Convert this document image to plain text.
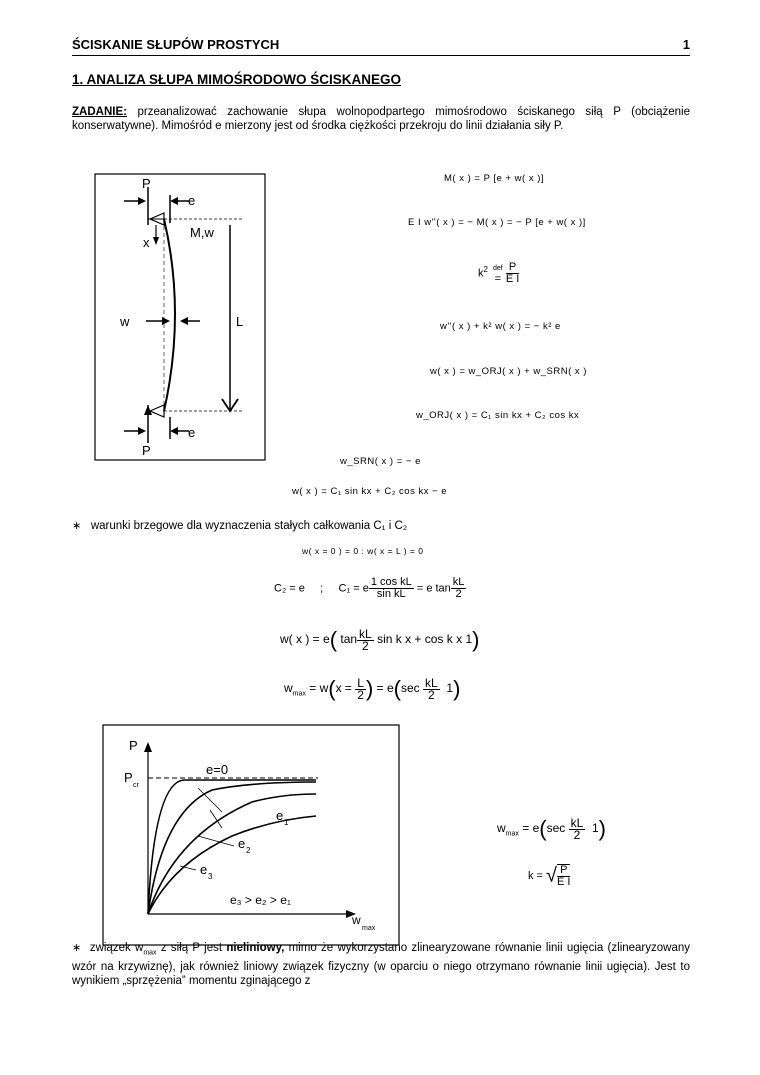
ŚCISKANIE SŁUPÓW PROSTYCH	1
1. ANALIZA SŁUPA MIMOŚRODOWO ŚCISKANEGO
ZADANIE: przeanalizować zachowanie słupa wolnopodpartego mimośrodowo ściskanego siłą P (obciążenie konserwatywne). Mimośród e mierzony jest od środka ciężkości przekroju do linii działania siły P.
P
e
x
M,w
w	L
P
e
M( x ) = P [e + w( x )]
E I w''( x ) = − M( x ) = − P [e + w( x )]
$k^2$ def
=
$\frac{P}{\text{E I}}$
w''( x ) + k² w( x ) = − k² e
w( x ) = w_ORJ( x ) + w_SRN( x )
w_ORJ( x ) = C₁ sin kx + C₂ cos kx
w_SRN( x ) = − e
w( x ) = C₁ sin kx + C₂ cos kx − e
∗ warunki brzegowe dla wyznaczenia stałych całkowania C₁ i C₂
w( x = 0 ) = 0 : w( x = L ) = 0
C₂ = e ; C₁ = e $\frac{\text{1 cos kL}}{\text{sin kL}} = e$ $\tan \frac{kL}{2}$
w( x ) = e( $\tan \frac{kL}{2}$ sin k x + cos k x 1)
$w_{max} = w(x = \frac{L}{2}$ ) = $e(\sec \frac{kL}{2} 1)$
P
P
cr
e=0
e 1
e 2
e 3
e₃ > e₂ > e₁
w
max
$w_{max} = e(\sec \frac{kL}{2} 1)$
k = √ $\frac{P}{\text{E I}}$
∗ związek $w_{max}$ z siłą P jest nieliniowy, mimo że wykorzystano zlinearyzowane równanie linii ugięcia (zlinearyzowany wzór na krzywiznę), jak również liniowy związek fizyczny (w oparciu o niego otrzymano równanie linii ugięcia). Jest to wynikiem „sprzężenia” momentu zginającego z
